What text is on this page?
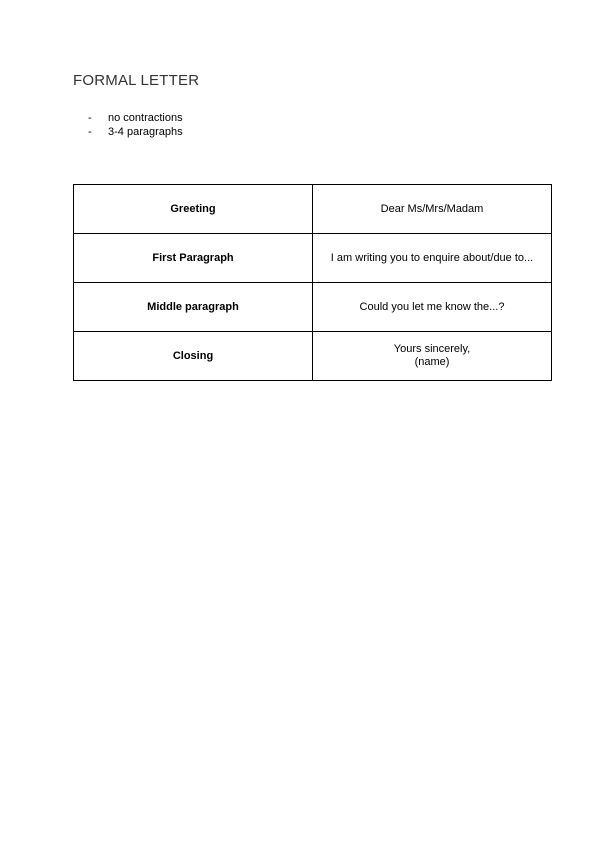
FORMAL LETTER
-	no contractions
-	3-4 paragraphs
Greeting	Dear Ms/Mrs/Madam

First Paragraph	I am writing you to enquire about/due to...

Middle paragraph	Could you let me know the...?

Closing	Yours sincerely,
(name)
